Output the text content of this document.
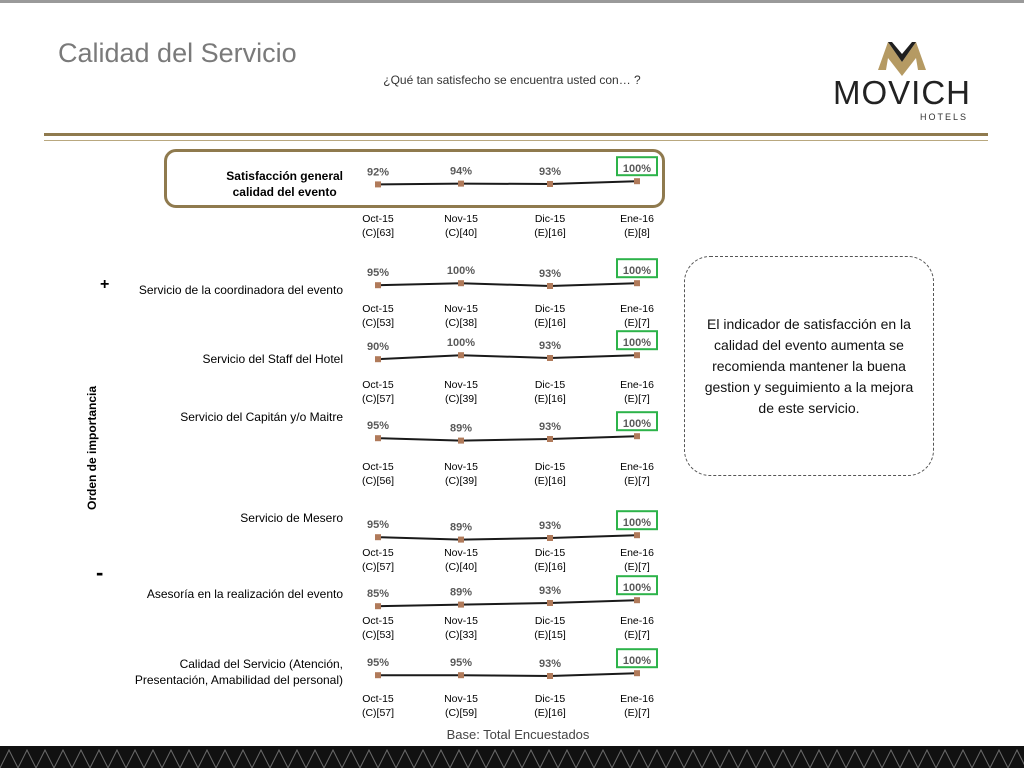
Calidad del Servicio
¿Qué tan satisfecho se encuentra usted con… ?	MOVICH
HOTELS
Satisfacción general
calidad del evento
Servicio de la coordinadora del evento
Servicio del Staff del Hotel
Servicio del Capitán y/o Maitre
Servicio de Mesero
Asesoría en la realización del evento
Calidad del Servicio (Atención,
Presentación, Amabilidad del personal)
+
-
Orden de importancia
92%
Oct-15
(C)[63]
94%
Nov-15
(C)[40]
93%
Dic-15
(E)[16]
100%
Ene-16
(E)[8]
95%
Oct-15
(C)[53]
100%
Nov-15
(C)[38]
93%
Dic-15
(E)[16]
100%
Ene-16
(E)[7]
90%
Oct-15
(C)[57]
100%
Nov-15
(C)[39]
93%
Dic-15
(E)[16]
100%
Ene-16
(E)[7]
95%
Oct-15
(C)[56]
89%
Nov-15
(C)[39]
93%
Dic-15
(E)[16]
100%
Ene-16
(E)[7]
95%
Oct-15
(C)[57]
89%
Nov-15
(C)[40]
93%
Dic-15
(E)[16]
100%
Ene-16
(E)[7]
85%
Oct-15
(C)[53]
89%
Nov-15
(C)[33]
93%
Dic-15
(E)[15]
100%
Ene-16
(E)[7]
95%
Oct-15
(C)[57]
95%
Nov-15
(C)[59]
93%
Dic-15
(E)[16]
100%
Ene-16
(E)[7]
El indicador de satisfacción en la calidad del evento aumenta se recomienda mantener la buena gestion y seguimiento a la mejora de este servicio.
Base: Total Encuestados
